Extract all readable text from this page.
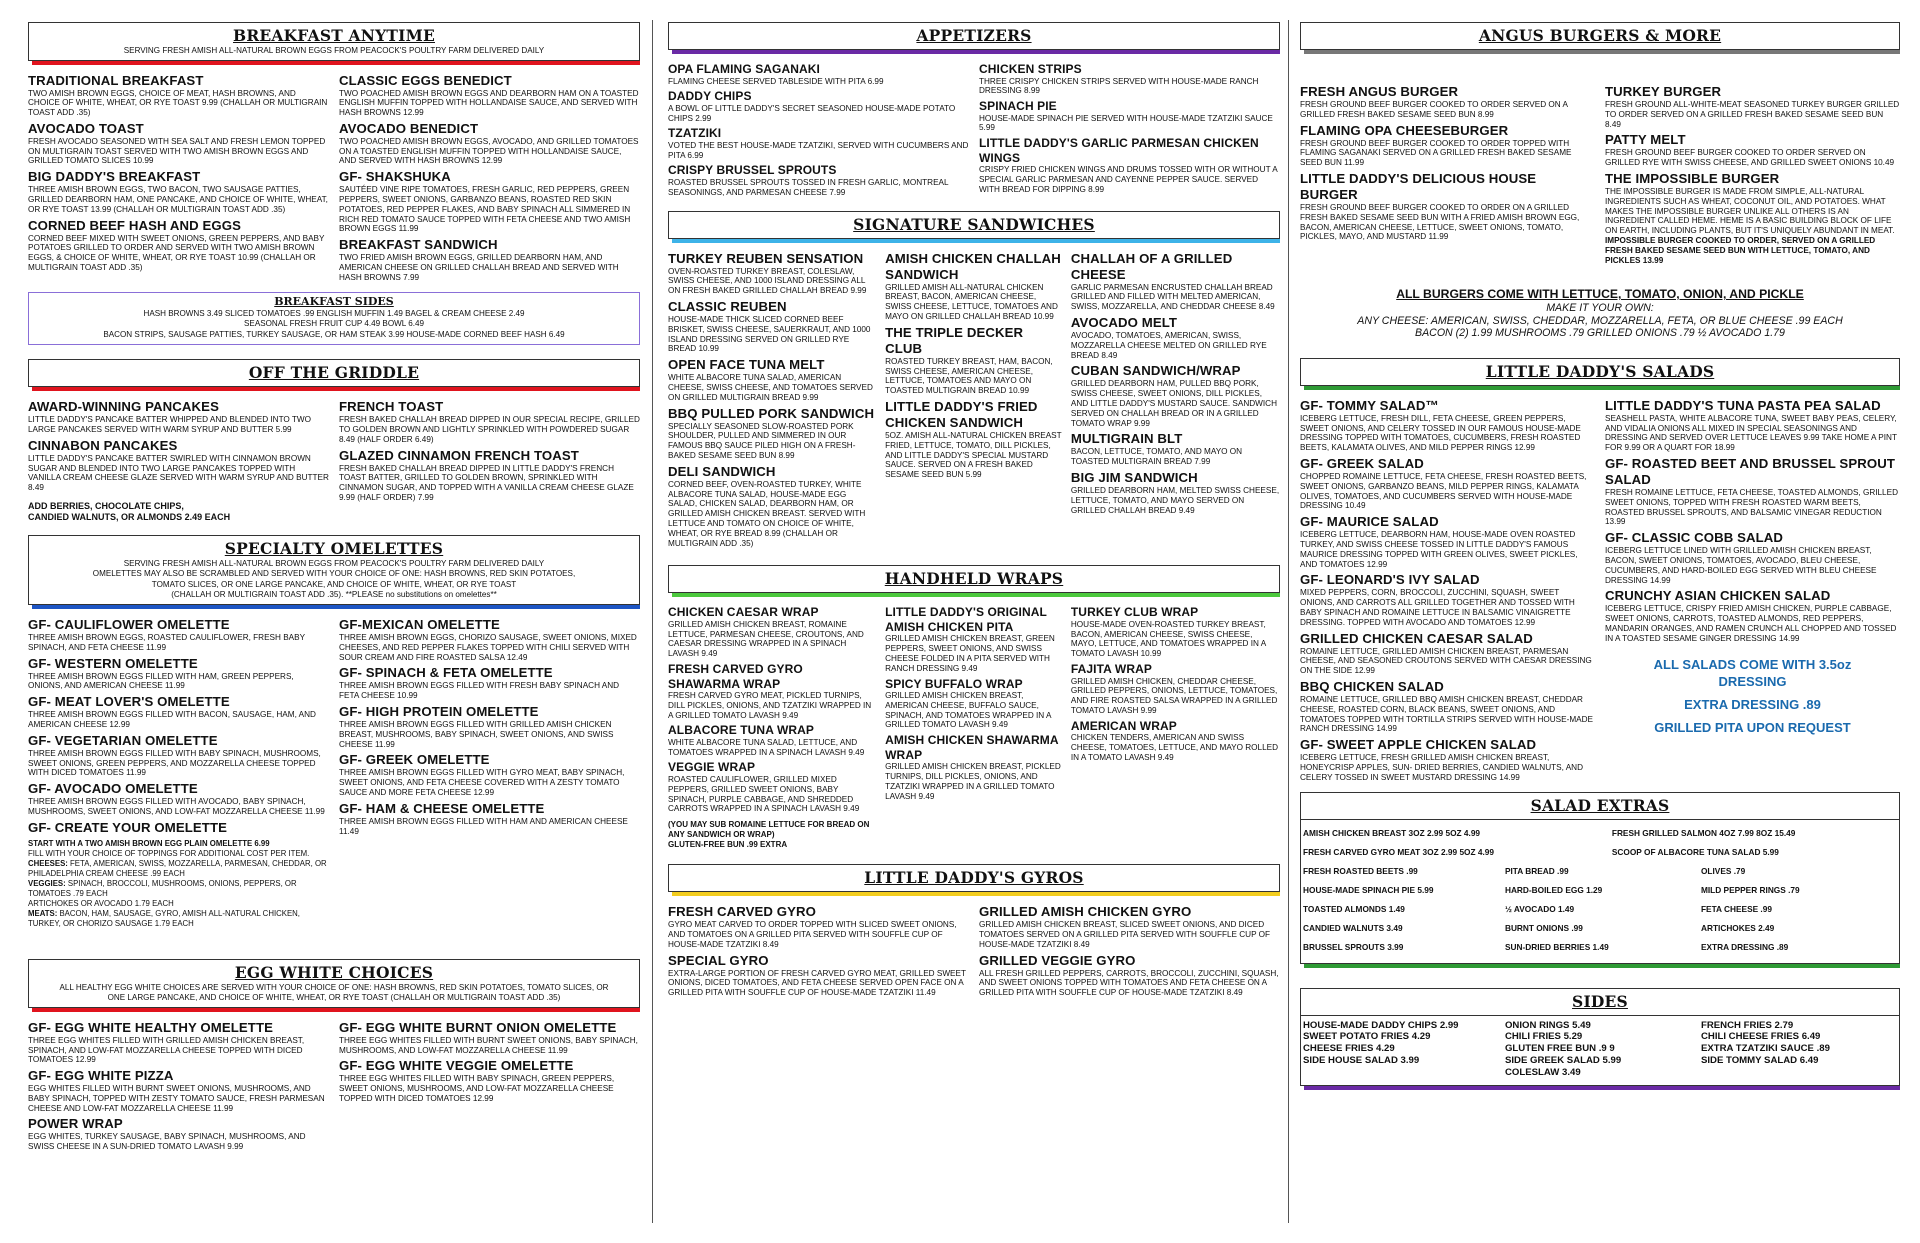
BREAKFAST ANYTIME
SERVING FRESH AMISH ALL-NATURAL BROWN EGGS FROM PEACOCK'S POULTRY FARM DELIVERED DAILY
TRADITIONAL BREAKFAST

TWO AMISH BROWN EGGS, CHOICE OF MEAT, HASH BROWNS, AND CHOICE OF WHITE, WHEAT, OR RYE TOAST 9.99 (CHALLAH OR MULTIGRAIN TOAST ADD .35)

AVOCADO TOAST

FRESH AVOCADO SEASONED WITH SEA SALT AND FRESH LEMON TOPPED ON MULTIGRAIN TOAST SERVED WITH TWO AMISH BROWN EGGS AND GRILLED TOMATO SLICES 10.99

BIG DADDY'S BREAKFAST

THREE AMISH BROWN EGGS, TWO BACON, TWO SAUSAGE PATTIES, GRILLED DEARBORN HAM, ONE PANCAKE, AND CHOICE OF WHITE, WHEAT, OR RYE TOAST 13.99 (CHALLAH OR MULTIGRAIN TOAST ADD .35)

CORNED BEEF HASH AND EGGS

CORNED BEEF MIXED WITH SWEET ONIONS, GREEN PEPPERS, AND BABY POTATOES GRILLED TO ORDER AND SERVED WITH TWO AMISH BROWN EGGS, & CHOICE OF WHITE, WHEAT, OR RYE TOAST 10.99 (CHALLAH OR MULTIGRAIN TOAST ADD .35)

CLASSIC EGGS BENEDICT

TWO POACHED AMISH BROWN EGGS AND DEARBORN HAM ON A TOASTED ENGLISH MUFFIN TOPPED WITH HOLLANDAISE SAUCE, AND SERVED WITH HASH BROWNS 12.99

AVOCADO BENEDICT

TWO POACHED AMISH BROWN EGGS, AVOCADO, AND GRILLED TOMATOES ON A TOASTED ENGLISH MUFFIN TOPPED WITH HOLLANDAISE SAUCE, AND SERVED WITH HASH BROWNS 12.99

GF- SHAKSHUKA

SAUTÉED VINE RIPE TOMATOES, FRESH GARLIC, RED PEPPERS, GREEN PEPPERS, SWEET ONIONS, GARBANZO BEANS, ROASTED RED SKIN POTATOES, RED PEPPER FLAKES, AND BABY SPINACH ALL SIMMERED IN RICH RED TOMATO SAUCE TOPPED WITH FETA CHEESE AND TWO AMISH BROWN EGGS 11.99

BREAKFAST SANDWICH

TWO FRIED AMISH BROWN EGGS, GRILLED DEARBORN HAM, AND AMERICAN CHEESE ON GRILLED CHALLAH BREAD AND SERVED WITH HASH BROWNS 7.99

BREAKFAST SIDES
HASH BROWNS 3.49 SLICED TOMATOES .99 ENGLISH MUFFIN 1.49 BAGEL & CREAM CHEESE 2.49
SEASONAL FRESH FRUIT CUP 4.49 BOWL 6.49
BACON STRIPS, SAUSAGE PATTIES, TURKEY SAUSAGE, OR HAM STEAK 3.99 HOUSE-MADE CORNED BEEF HASH 6.49
OFF THE GRIDDLE
AWARD-WINNING PANCAKES

LITTLE DADDY'S PANCAKE BATTER WHIPPED AND BLENDED INTO TWO LARGE PANCAKES SERVED WITH WARM SYRUP AND BUTTER 5.99

CINNABON PANCAKES

LITTLE DADDY'S PANCAKE BATTER SWIRLED WITH CINNAMON BROWN SUGAR AND BLENDED INTO TWO LARGE PANCAKES TOPPED WITH VANILLA CREAM CHEESE GLAZE SERVED WITH WARM SYRUP AND BUTTER 8.49

ADD BERRIES, CHOCOLATE CHIPS,
CANDIED WALNUTS, OR ALMONDS 2.49 EACH
FRENCH TOAST

FRESH BAKED CHALLAH BREAD DIPPED IN OUR SPECIAL RECIPE, GRILLED TO GOLDEN BROWN AND LIGHTLY SPRINKLED WITH POWDERED SUGAR 8.49 (HALF ORDER 6.49)

GLAZED CINNAMON FRENCH TOAST

FRESH BAKED CHALLAH BREAD DIPPED IN LITTLE DADDY'S FRENCH TOAST BATTER, GRILLED TO GOLDEN BROWN, SPRINKLED WITH CINNAMON SUGAR, AND TOPPED WITH A VANILLA CREAM CHEESE GLAZE 9.99 (HALF ORDER) 7.99

SPECIALTY OMELETTES
SERVING FRESH AMISH ALL-NATURAL BROWN EGGS FROM PEACOCK'S POULTRY FARM DELIVERED DAILY
OMELETTES MAY ALSO BE SCRAMBLED AND SERVED WITH YOUR CHOICE OF ONE: HASH BROWNS, RED SKIN POTATOES,
TOMATO SLICES, OR ONE LARGE PANCAKE, AND CHOICE OF WHITE, WHEAT, OR RYE TOAST
(CHALLAH OR MULTIGRAIN TOAST ADD .35). **PLEASE no substitutions on omelettes**
GF- CAULIFLOWER OMELETTE

THREE AMISH BROWN EGGS, ROASTED CAULIFLOWER, FRESH BABY SPINACH, AND FETA CHEESE 11.99

GF- WESTERN OMELETTE

THREE AMISH BROWN EGGS FILLED WITH HAM, GREEN PEPPERS, ONIONS, AND AMERICAN CHEESE 11.99

GF- MEAT LOVER'S OMELETTE

THREE AMISH BROWN EGGS FILLED WITH BACON, SAUSAGE, HAM, AND AMERICAN CHEESE 12.99

GF- VEGETARIAN OMELETTE

THREE AMISH BROWN EGGS FILLED WITH BABY SPINACH, MUSHROOMS, SWEET ONIONS, GREEN PEPPERS, AND MOZZARELLA CHEESE TOPPED WITH DICED TOMATOES 11.99

GF- AVOCADO OMELETTE

THREE AMISH BROWN EGGS FILLED WITH AVOCADO, BABY SPINACH, MUSHROOMS, SWEET ONIONS, AND LOW-FAT MOZZARELLA CHEESE 11.99

GF- CREATE YOUR OMELETTE
START WITH A TWO AMISH BROWN EGG PLAIN OMELETTE 6.99
FILL WITH YOUR CHOICE OF TOPPINGS FOR ADDITIONAL COST PER ITEM.
CHEESES: FETA, AMERICAN, SWISS, MOZZARELLA, PARMESAN, CHEDDAR, OR PHILADELPHIA CREAM CHEESE .99 EACH
VEGGIES: SPINACH, BROCCOLI, MUSHROOMS, ONIONS, PEPPERS, OR TOMATOES .79 EACH
ARTICHOKES OR AVOCADO 1.79 EACH
MEATS: BACON, HAM, SAUSAGE, GYRO, AMISH ALL-NATURAL CHICKEN, TURKEY, OR CHORIZO SAUSAGE 1.79 EACH
GF-MEXICAN OMELETTE

THREE AMISH BROWN EGGS, CHORIZO SAUSAGE, SWEET ONIONS, MIXED CHEESES, AND RED PEPPER FLAKES TOPPED WITH CHILI SERVED WITH SOUR CREAM AND FIRE ROASTED SALSA 12.49

GF- SPINACH & FETA OMELETTE

THREE AMISH BROWN EGGS FILLED WITH FRESH BABY SPINACH AND FETA CHEESE 10.99

GF- HIGH PROTEIN OMELETTE

THREE AMISH BROWN EGGS FILLED WITH GRILLED AMISH CHICKEN BREAST, MUSHROOMS, BABY SPINACH, SWEET ONIONS, AND SWISS CHEESE 11.99

GF- GREEK OMELETTE

THREE AMISH BROWN EGGS FILLED WITH GYRO MEAT, BABY SPINACH, SWEET ONIONS, AND FETA CHEESE COVERED WITH A ZESTY TOMATO SAUCE AND MORE FETA CHEESE 12.99

GF- HAM & CHEESE OMELETTE

THREE AMISH BROWN EGGS FILLED WITH HAM AND AMERICAN CHEESE 11.49

EGG WHITE CHOICES
ALL HEALTHY EGG WHITE CHOICES ARE SERVED WITH YOUR CHOICE OF ONE: HASH BROWNS, RED SKIN POTATOES, TOMATO SLICES, OR
ONE LARGE PANCAKE, AND CHOICE OF WHITE, WHEAT, OR RYE TOAST (CHALLAH OR MULTIGRAIN TOAST ADD .35)
GF- EGG WHITE HEALTHY OMELETTE

THREE EGG WHITES FILLED WITH GRILLED AMISH CHICKEN BREAST, SPINACH, AND LOW-FAT MOZZARELLA CHEESE TOPPED WITH DICED TOMATOES 12.99

GF- EGG WHITE PIZZA

EGG WHITES FILLED WITH BURNT SWEET ONIONS, MUSHROOMS, AND BABY SPINACH, TOPPED WITH ZESTY TOMATO SAUCE, FRESH PARMESAN CHEESE AND LOW-FAT MOZZARELLA CHEESE 11.99

POWER WRAP

EGG WHITES, TURKEY SAUSAGE, BABY SPINACH, MUSHROOMS, AND SWISS CHEESE IN A SUN-DRIED TOMATO LAVASH 9.99

GF- EGG WHITE BURNT ONION OMELETTE

THREE EGG WHITES FILLED WITH BURNT SWEET ONIONS, BABY SPINACH, MUSHROOMS, AND LOW-FAT MOZZARELLA CHEESE 11.99

GF- EGG WHITE VEGGIE OMELETTE

THREE EGG WHITES FILLED WITH BABY SPINACH, GREEN PEPPERS, SWEET ONIONS, MUSHROOMS, AND LOW-FAT MOZZARELLA CHEESE TOPPED WITH DICED TOMATOES 12.99

APPETIZERS
OPA FLAMING SAGANAKI

FLAMING CHEESE SERVED TABLESIDE WITH PITA 6.99

DADDY CHIPS

A BOWL OF LITTLE DADDY'S SECRET SEASONED HOUSE-MADE POTATO CHIPS 2.99

TZATZIKI

VOTED THE BEST HOUSE-MADE TZATZIKI, SERVED WITH CUCUMBERS AND PITA 6.99

CRISPY BRUSSEL SPROUTS

ROASTED BRUSSEL SPROUTS TOSSED IN FRESH GARLIC, MONTREAL SEASONINGS, AND PARMESAN CHEESE 7.99

CHICKEN STRIPS

THREE CRISPY CHICKEN STRIPS SERVED WITH HOUSE-MADE RANCH DRESSING 8.99

SPINACH PIE

HOUSE-MADE SPINACH PIE SERVED WITH HOUSE-MADE TZATZIKI SAUCE 5.99

LITTLE DADDY'S GARLIC PARMESAN CHICKEN WINGS

CRISPY FRIED CHICKEN WINGS AND DRUMS TOSSED WITH OR WITHOUT A SPECIAL GARLIC PARMESAN AND CAYENNE PEPPER SAUCE. SERVED WITH BREAD FOR DIPPING 8.99

SIGNATURE SANDWICHES
TURKEY REUBEN SENSATION

OVEN-ROASTED TURKEY BREAST, COLESLAW, SWISS CHEESE, AND 1000 ISLAND DRESSING ALL ON FRESH BAKED GRILLED CHALLAH BREAD 9.99

CLASSIC REUBEN

HOUSE-MADE THICK SLICED CORNED BEEF BRISKET, SWISS CHEESE, SAUERKRAUT, AND 1000 ISLAND DRESSING SERVED ON GRILLED RYE BREAD 10.99

OPEN FACE TUNA MELT

WHITE ALBACORE TUNA SALAD, AMERICAN CHEESE, SWISS CHEESE, AND TOMATOES SERVED ON GRILLED MULTIGRAIN BREAD 9.99

BBQ PULLED PORK SANDWICH

SPECIALLY SEASONED SLOW-ROASTED PORK SHOULDER, PULLED AND SIMMERED IN OUR FAMOUS BBQ SAUCE PILED HIGH ON A FRESH-BAKED SESAME SEED BUN 8.99

DELI SANDWICH

CORNED BEEF, OVEN-ROASTED TURKEY, WHITE ALBACORE TUNA SALAD, HOUSE-MADE EGG SALAD, CHICKEN SALAD, DEARBORN HAM, OR GRILLED AMISH CHICKEN BREAST. SERVED WITH LETTUCE AND TOMATO ON CHOICE OF WHITE, WHEAT, OR RYE BREAD 8.99 (CHALLAH OR MULTIGRAIN ADD .35)

AMISH CHICKEN CHALLAH SANDWICH

GRILLED AMISH ALL-NATURAL CHICKEN BREAST, BACON, AMERICAN CHEESE, SWISS CHEESE, LETTUCE, TOMATOES AND MAYO ON GRILLED CHALLAH BREAD 10.99

THE TRIPLE DECKER CLUB

ROASTED TURKEY BREAST, HAM, BACON, SWISS CHEESE, AMERICAN CHEESE, LETTUCE, TOMATOES AND MAYO ON TOASTED MULTIGRAIN BREAD 10.99

LITTLE DADDY'S FRIED CHICKEN SANDWICH

5OZ. AMISH ALL-NATURAL CHICKEN BREAST FRIED, LETTUCE, TOMATO, DILL PICKLES, AND LITTLE DADDY'S SPECIAL MUSTARD SAUCE. SERVED ON A FRESH BAKED SESAME SEED BUN 5.99

CHALLAH OF A GRILLED CHEESE

GARLIC PARMESAN ENCRUSTED CHALLAH BREAD GRILLED AND FILLED WITH MELTED AMERICAN, SWISS, MOZZARELLA, AND CHEDDAR CHEESE 8.49

AVOCADO MELT

AVOCADO, TOMATOES, AMERICAN, SWISS, MOZZARELLA CHEESE MELTED ON GRILLED RYE BREAD 8.49

CUBAN SANDWICH/WRAP

GRILLED DEARBORN HAM, PULLED BBQ PORK, SWISS CHEESE, SWEET ONIONS, DILL PICKLES, AND LITTLE DADDY'S MUSTARD SAUCE. SANDWICH SERVED ON CHALLAH BREAD OR IN A GRILLED TOMATO WRAP 9.99

MULTIGRAIN BLT

BACON, LETTUCE, TOMATO, AND MAYO ON TOASTED MULTIGRAIN BREAD 7.99

BIG JIM SANDWICH

GRILLED DEARBORN HAM, MELTED SWISS CHEESE, LETTUCE, TOMATO, AND MAYO SERVED ON GRILLED CHALLAH BREAD 9.49

HANDHELD WRAPS
CHICKEN CAESAR WRAP

GRILLED AMISH CHICKEN BREAST, ROMAINE LETTUCE, PARMESAN CHEESE, CROUTONS, AND CAESAR DRESSING WRAPPED IN A SPINACH LAVASH 9.49

FRESH CARVED GYRO SHAWARMA WRAP

FRESH CARVED GYRO MEAT, PICKLED TURNIPS, DILL PICKLES, ONIONS, AND TZATZIKI WRAPPED IN A GRILLED TOMATO LAVASH 9.49

ALBACORE TUNA WRAP

WHITE ALBACORE TUNA SALAD, LETTUCE, AND TOMATOES WRAPPED IN A SPINACH LAVASH 9.49

VEGGIE WRAP

ROASTED CAULIFLOWER, GRILLED MIXED PEPPERS, GRILLED SWEET ONIONS, BABY SPINACH, PURPLE CABBAGE, AND SHREDDED CARROTS WRAPPED IN A SPINACH LAVASH 9.49

(YOU MAY SUB ROMAINE LETTUCE FOR BREAD ON ANY SANDWICH OR WRAP)
GLUTEN-FREE BUN .99 EXTRA
LITTLE DADDY'S ORIGINAL AMISH CHICKEN PITA

GRILLED AMISH CHICKEN BREAST, GREEN PEPPERS, SWEET ONIONS, AND SWISS CHEESE FOLDED IN A PITA SERVED WITH RANCH DRESSING 9.49

SPICY BUFFALO WRAP

GRILLED AMISH CHICKEN BREAST, AMERICAN CHEESE, BUFFALO SAUCE, SPINACH, AND TOMATOES WRAPPED IN A GRILLED TOMATO LAVASH 9.49

AMISH CHICKEN SHAWARMA WRAP

GRILLED AMISH CHICKEN BREAST, PICKLED TURNIPS, DILL PICKLES, ONIONS, AND TZATZIKI WRAPPED IN A GRILLED TOMATO LAVASH 9.49

TURKEY CLUB WRAP

HOUSE-MADE OVEN-ROASTED TURKEY BREAST, BACON, AMERICAN CHEESE, SWISS CHEESE, MAYO, LETTUCE, AND TOMATOES WRAPPED IN A TOMATO LAVASH 10.99

FAJITA WRAP

GRILLED AMISH CHICKEN, CHEDDAR CHEESE, GRILLED PEPPERS, ONIONS, LETTUCE, TOMATOES, AND FIRE ROASTED SALSA WRAPPED IN A GRILLED TOMATO LAVASH 9.99

AMERICAN WRAP

CHICKEN TENDERS, AMERICAN AND SWISS CHEESE, TOMATOES, LETTUCE, AND MAYO ROLLED IN A TOMATO LAVASH 9.49

LITTLE DADDY'S GYROS
FRESH CARVED GYRO

GYRO MEAT CARVED TO ORDER TOPPED WITH SLICED SWEET ONIONS, AND TOMATOES ON A GRILLED PITA SERVED WITH SOUFFLE CUP OF HOUSE-MADE TZATZIKI 8.49

SPECIAL GYRO

EXTRA-LARGE PORTION OF FRESH CARVED GYRO MEAT, GRILLED SWEET ONIONS, DICED TOMATOES, AND FETA CHEESE SERVED OPEN FACE ON A GRILLED PITA WITH SOUFFLE CUP OF HOUSE-MADE TZATZIKI 11.49

GRILLED AMISH CHICKEN GYRO

GRILLED AMISH CHICKEN BREAST, SLICED SWEET ONIONS, AND DICED TOMATOES SERVED ON A GRILLED PITA SERVED WITH SOUFFLE CUP OF HOUSE-MADE TZATZIKI 8.49

GRILLED VEGGIE GYRO

ALL FRESH GRILLED PEPPERS, CARROTS, BROCCOLI, ZUCCHINI, SQUASH, AND SWEET ONIONS TOPPED WITH TOMATOES AND FETA CHEESE ON A GRILLED PITA WITH SOUFFLE CUP OF HOUSE-MADE TZATZIKI 8.49

ANGUS BURGERS & MORE
FRESH ANGUS BURGER

FRESH GROUND BEEF BURGER COOKED TO ORDER SERVED ON A GRILLED FRESH BAKED SESAME SEED BUN 8.99

FLAMING OPA CHEESEBURGER

FRESH GROUND BEEF BURGER COOKED TO ORDER TOPPED WITH FLAMING SAGANAKI SERVED ON A GRILLED FRESH BAKED SESAME SEED BUN 11.99

LITTLE DADDY'S DELICIOUS HOUSE BURGER

FRESH GROUND BEEF BURGER COOKED TO ORDER ON A GRILLED FRESH BAKED SESAME SEED BUN WITH A FRIED AMISH BROWN EGG, BACON, AMERICAN CHEESE, LETTUCE, SWEET ONIONS, TOMATO, PICKLES, MAYO, AND MUSTARD 11.99

TURKEY BURGER

FRESH GROUND ALL-WHITE-MEAT SEASONED TURKEY BURGER GRILLED TO ORDER SERVED ON A GRILLED FRESH BAKED SESAME SEED BUN 8.49

PATTY MELT

FRESH GROUND BEEF BURGER COOKED TO ORDER SERVED ON GRILLED RYE WITH SWISS CHEESE, AND GRILLED SWEET ONIONS 10.49

THE IMPOSSIBLE BURGER

THE IMPOSSIBLE BURGER IS MADE FROM SIMPLE, ALL-NATURAL INGREDIENTS SUCH AS WHEAT, COCONUT OIL, AND POTATOES. WHAT MAKES THE IMPOSSIBLE BURGER UNLIKE ALL OTHERS IS AN INGREDIENT CALLED HEME. HEME IS A BASIC BUILDING BLOCK OF LIFE ON EARTH, INCLUDING PLANTS, BUT IT'S UNIQUELY ABUNDANT IN MEAT.

IMPOSSIBLE BURGER COOKED TO ORDER, SERVED ON A GRILLED FRESH BAKED SESAME SEED BUN WITH LETTUCE, TOMATO, AND PICKLES 13.99

ALL BURGERS COME WITH LETTUCE, TOMATO, ONION, AND PICKLE
MAKE IT YOUR OWN:
ANY CHEESE: AMERICAN, SWISS, CHEDDAR, MOZZARELLA, FETA, OR BLUE CHEESE .99 EACH
BACON (2) 1.99 MUSHROOMS .79 GRILLED ONIONS .79 ½ AVOCADO 1.79
LITTLE DADDY'S SALADS
GF- TOMMY SALAD™

ICEBERG LETTUCE, FRESH DILL, FETA CHEESE, GREEN PEPPERS, SWEET ONIONS, AND CELERY TOSSED IN OUR FAMOUS HOUSE-MADE DRESSING TOPPED WITH TOMATOES, CUCUMBERS, FRESH ROASTED BEETS, KALAMATA OLIVES, AND MILD PEPPER RINGS 12.99

GF- GREEK SALAD

CHOPPED ROMAINE LETTUCE, FETA CHEESE, FRESH ROASTED BEETS, SWEET ONIONS, GARBANZO BEANS, MILD PEPPER RINGS, KALAMATA OLIVES, TOMATOES, AND CUCUMBERS SERVED WITH HOUSE-MADE DRESSING 10.49

GF- MAURICE SALAD

ICEBERG LETTUCE, DEARBORN HAM, HOUSE-MADE OVEN ROASTED TURKEY, AND SWISS CHEESE TOSSED IN LITTLE DADDY'S FAMOUS MAURICE DRESSING TOPPED WITH GREEN OLIVES, SWEET PICKLES, AND TOMATOES 12.99

GF- LEONARD'S IVY SALAD

MIXED PEPPERS, CORN, BROCCOLI, ZUCCHINI, SQUASH, SWEET ONIONS, AND CARROTS ALL GRILLED TOGETHER AND TOSSED WITH BABY SPINACH AND ROMAINE LETTUCE IN BALSAMIC VINAIGRETTE DRESSING. TOPPED WITH AVOCADO AND TOMATOES 12.99

GRILLED CHICKEN CAESAR SALAD

ROMAINE LETTUCE, GRILLED AMISH CHICKEN BREAST, PARMESAN CHEESE, AND SEASONED CROUTONS SERVED WITH CAESAR DRESSING ON THE SIDE 12.99

BBQ CHICKEN SALAD

ROMAINE LETTUCE, GRILLED BBQ AMISH CHICKEN BREAST, CHEDDAR CHEESE, ROASTED CORN, BLACK BEANS, SWEET ONIONS, AND TOMATOES TOPPED WITH TORTILLA STRIPS SERVED WITH HOUSE-MADE RANCH DRESSING 14.99

GF- SWEET APPLE CHICKEN SALAD

ICEBERG LETTUCE, FRESH GRILLED AMISH CHICKEN BREAST, HONEYCRISP APPLES, SUN- DRIED BERRIES, CANDIED WALNUTS, AND CELERY TOSSED IN SWEET MUSTARD DRESSING 14.99

LITTLE DADDY'S TUNA PASTA PEA SALAD

SEASHELL PASTA, WHITE ALBACORE TUNA, SWEET BABY PEAS, CELERY, AND VIDALIA ONIONS ALL MIXED IN SPECIAL SEASONINGS AND DRESSING AND SERVED OVER LETTUCE LEAVES 9.99 TAKE HOME A PINT FOR 9.99 OR A QUART FOR 18.99

GF- ROASTED BEET AND BRUSSEL SPROUT SALAD

FRESH ROMAINE LETTUCE, FETA CHEESE, TOASTED ALMONDS, GRILLED SWEET ONIONS, TOPPED WITH FRESH ROASTED WARM BEETS, ROASTED BRUSSEL SPROUTS, AND BALSAMIC VINEGAR REDUCTION 13.99

GF- CLASSIC COBB SALAD

ICEBERG LETTUCE LINED WITH GRILLED AMISH CHICKEN BREAST, BACON, SWEET ONIONS, TOMATOES, AVOCADO, BLEU CHEESE, CUCUMBERS, AND HARD-BOILED EGG SERVED WITH BLEU CHEESE DRESSING 14.99

CRUNCHY ASIAN CHICKEN SALAD

ICEBERG LETTUCE, CRISPY FRIED AMISH CHICKEN, PURPLE CABBAGE, SWEET ONIONS, CARROTS, TOASTED ALMONDS, RED PEPPERS, MANDARIN ORANGES, AND RAMEN CRUNCH ALL CHOPPED AND TOSSED IN A TOASTED SESAME GINGER DRESSING 14.99

ALL SALADS COME WITH 3.5oz
DRESSING
EXTRA DRESSING .89
GRILLED PITA UPON REQUEST
SALAD EXTRAS
AMISH CHICKEN BREAST 3OZ 2.99 5OZ 4.99	FRESH GRILLED SALMON 4OZ 7.99 8OZ 15.49
FRESH CARVED GYRO MEAT 3OZ 2.99 5OZ 4.99	SCOOP OF ALBACORE TUNA SALAD 5.99
FRESH ROASTED BEETS .99	PITA BREAD .99	OLIVES .79
HOUSE-MADE SPINACH PIE 5.99	HARD-BOILED EGG 1.29	MILD PEPPER RINGS .79
TOASTED ALMONDS 1.49	½ AVOCADO 1.49	FETA CHEESE .99
CANDIED WALNUTS 3.49	BURNT ONIONS .99	ARTICHOKES 2.49
BRUSSEL SPROUTS 3.99	SUN-DRIED BERRIES 1.49	EXTRA DRESSING .89
SIDES
HOUSE-MADE DADDY CHIPS 2.99
SWEET POTATO FRIES 4.29
CHEESE FRIES 4.29
SIDE HOUSE SALAD 3.99
ONION RINGS 5.49
CHILI FRIES 5.29
GLUTEN FREE BUN .9 9
SIDE GREEK SALAD 5.99
COLESLAW 3.49
FRENCH FRIES 2.79
CHILI CHEESE FRIES 6.49
EXTRA TZATZIKI SAUCE .89
SIDE TOMMY SALAD 6.49
